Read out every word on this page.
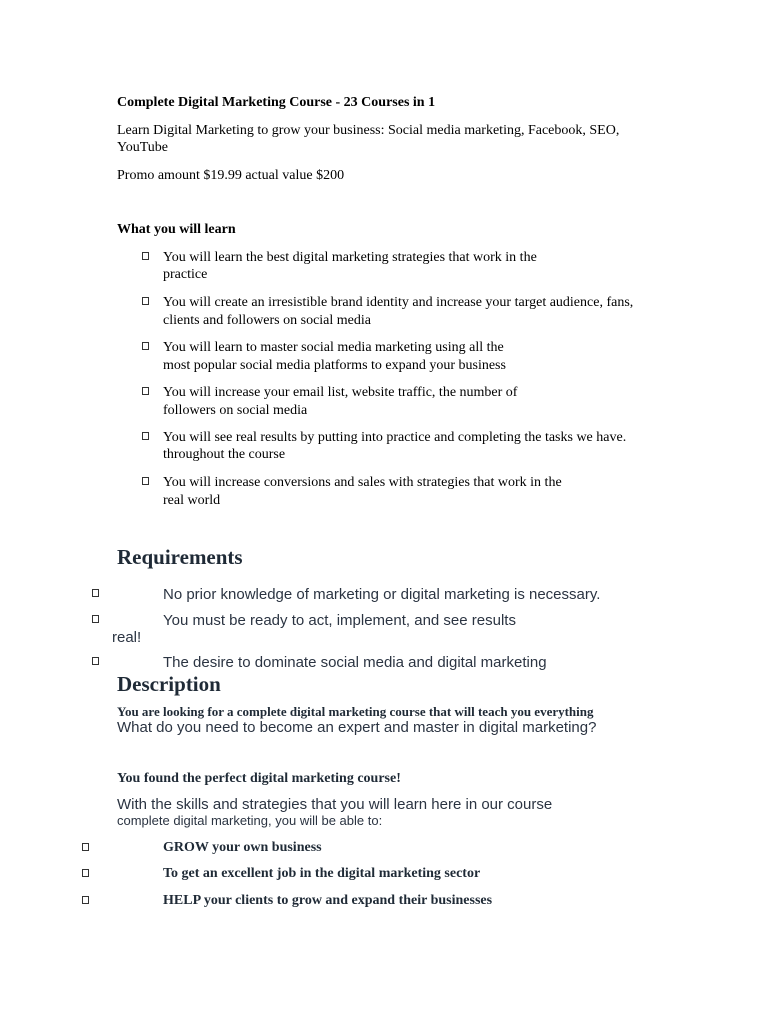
Complete Digital Marketing Course - 23 Courses in 1
Learn Digital Marketing to grow your business: Social media marketing, Facebook, SEO,
YouTube
Promo amount $19.99 actual value $200
What you will learn
You will learn the best digital marketing strategies that work in the
practice
You will create an irresistible brand identity and increase your target audience, fans,
clients and followers on social media
You will learn to master social media marketing using all the
most popular social media platforms to expand your business
You will increase your email list, website traffic, the number of
followers on social media
You will see real results by putting into practice and completing the tasks we have.
throughout the course
You will increase conversions and sales with strategies that work in the
real world
Requirements
No prior knowledge of marketing or digital marketing is necessary.
You must be ready to act, implement, and see results
real!
The desire to dominate social media and digital marketing
Description
You are looking for a complete digital marketing course that will teach you everything
What do you need to become an expert and master in digital marketing?
You found the perfect digital marketing course!
With the skills and strategies that you will learn here in our course
complete digital marketing, you will be able to:
GROW your own business
To get an excellent job in the digital marketing sector
HELP your clients to grow and expand their businesses
